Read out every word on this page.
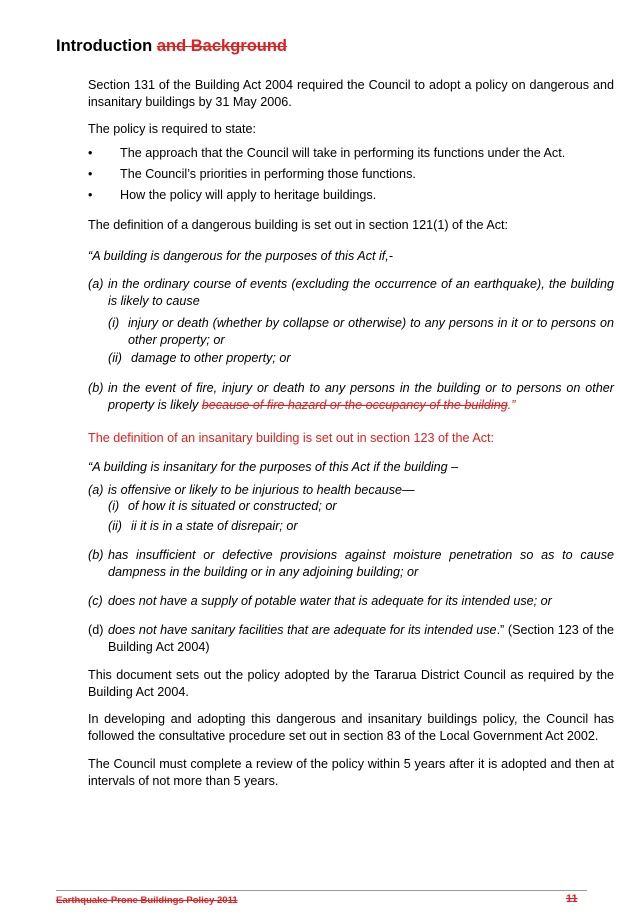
Introduction and Background

Section 131 of the Building Act 2004 required the Council to adopt a policy on dangerous and insanitary buildings by 31 May 2006.

The policy is required to state:

• The approach that the Council will take in performing its functions under the Act.

• The Council’s priorities in performing those functions.

• How the policy will apply to heritage buildings.

The definition of a dangerous building is set out in section 121(1) of the Act:

“A building is dangerous for the purposes of this Act if,-

(a) in the ordinary course of events (excluding the occurrence of an earthquake), the building is likely to cause

(i) injury or death (whether by collapse or otherwise) to any persons in it or to persons on other property; or

(ii) damage to other property; or

(b) in the event of fire, injury or death to any persons in the building or to persons on other property is likely because of fire hazard or the occupancy of the building.”

The definition of an insanitary building is set out in section 123 of the Act:

“A building is insanitary for the purposes of this Act if the building –

(a) is offensive or likely to be injurious to health because—

(i) of how it is situated or constructed; or

(ii) ii it is in a state of disrepair; or

(b) has insufficient or defective provisions against moisture penetration so as to cause dampness in the building or in any adjoining building; or

(c) does not have a supply of potable water that is adequate for its intended use; or

(d) does not have sanitary facilities that are adequate for its intended use.” (Section 123 of the Building Act 2004)

This document sets out the policy adopted by the Tararua District Council as required by the Building Act 2004.

In developing and adopting this dangerous and insanitary buildings policy, the Council has followed the consultative procedure set out in section 83 of the Local Government Act 2002.

The Council must complete a review of the policy within 5 years after it is adopted and then at intervals of not more than 5 years.

Earthquake-Prone Buildings Policy 2011	11
